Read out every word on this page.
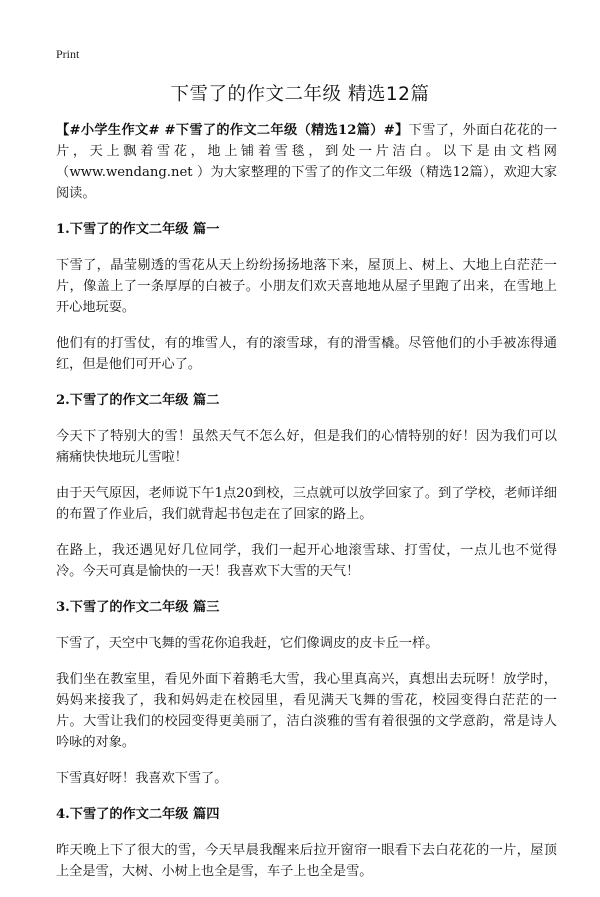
Print
下雪了的作文二年级 精选12篇

【#小学生作文# #下雪了的作文二年级（精选12篇）#】下雪了，外面白花花的一片，天上飘着雪花，地上铺着雪毯，到处一片洁白。以下是由文档网（www.wendang.net ）为大家整理的下雪了的作文二年级（精选12篇），欢迎大家阅读。

1.下雪了的作文二年级 篇一

下雪了，晶莹剔透的雪花从天上纷纷扬扬地落下来，屋顶上、树上、大地上白茫茫一片，像盖上了一条厚厚的白被子。小朋友们欢天喜地地从屋子里跑了出来，在雪地上开心地玩耍。

他们有的打雪仗，有的堆雪人，有的滚雪球，有的滑雪橇。尽管他们的小手被冻得通红，但是他们可开心了。

2.下雪了的作文二年级 篇二

今天下了特别大的雪！虽然天气不怎么好，但是我们的心情特别的好！因为我们可以痛痛快快地玩儿雪啦！

由于天气原因，老师说下午1点20到校，三点就可以放学回家了。到了学校，老师详细的布置了作业后，我们就背起书包走在了回家的路上。

在路上，我还遇见好几位同学，我们一起开心地滚雪球、打雪仗，一点儿也不觉得冷。今天可真是愉快的一天！我喜欢下大雪的天气！

3.下雪了的作文二年级 篇三

下雪了，天空中飞舞的雪花你追我赶，它们像调皮的皮卡丘一样。

我们坐在教室里，看见外面下着鹅毛大雪，我心里真高兴，真想出去玩呀！放学时，妈妈来接我了，我和妈妈走在校园里，看见满天飞舞的雪花，校园变得白茫茫的一片。大雪让我们的校园变得更美丽了，洁白淡雅的雪有着很强的文学意韵，常是诗人吟咏的对象。

下雪真好呀！我喜欢下雪了。

4.下雪了的作文二年级 篇四

昨天晚上下了很大的雪，今天早晨我醒来后拉开窗帘一眼看下去白花花的一片，屋顶上全是雪，大树、小树上也全是雪，车子上也全是雪。
